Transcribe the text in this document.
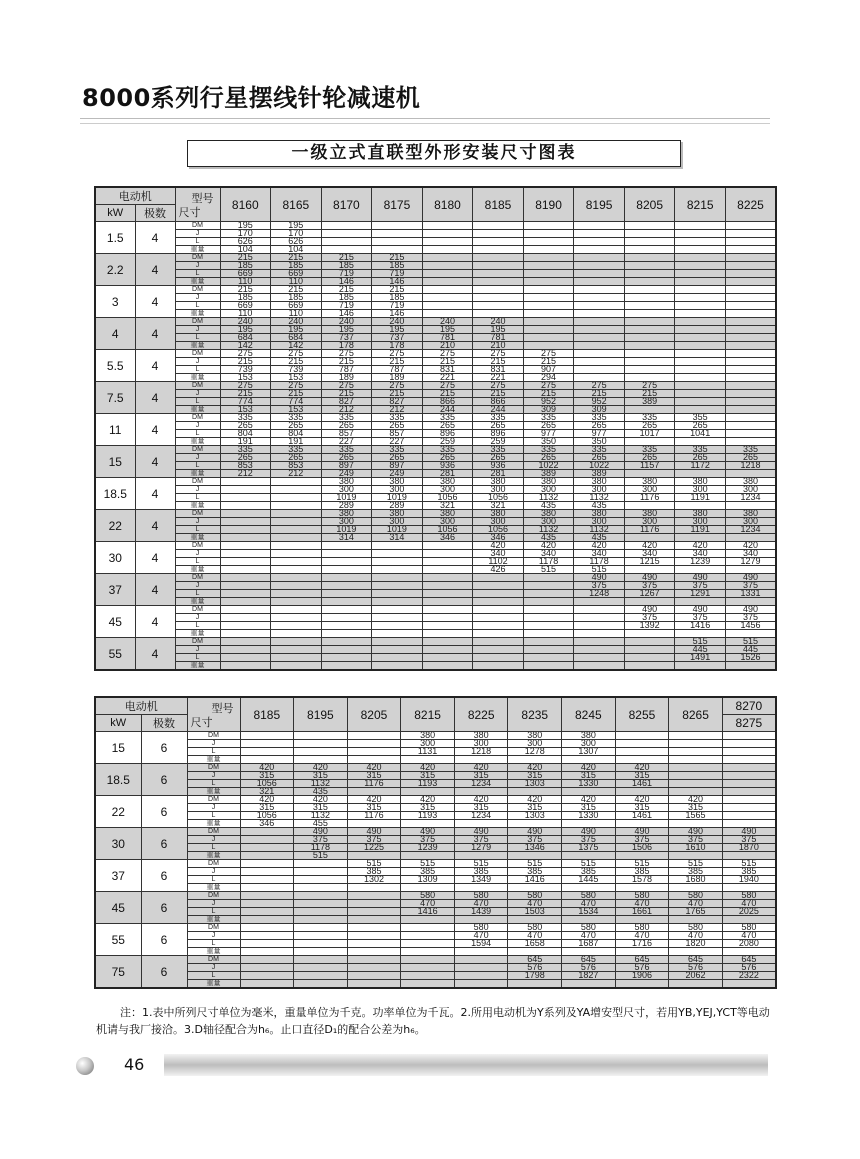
8000系列行星摆线针轮减速机
一级立式直联型外形安装尺寸图表
电动机		型号
尺寸	8160	8165	8170	8175	8180	8185	8190	8195	8205	8215	8225
kW	极数												
1.5	4	DM	195	195									
		J	170	170									
		L	626	626									
		重量	104	104									
2.2	4	DM	215	215	215	215							
		J	185	185	185	185							
		L	669	669	719	719							
		重量	110	110	146	146							
3	4	DM	215	215	215	215							
		J	185	185	185	185							
		L	669	669	719	719							
		重量	110	110	146	146							
4	4	DM	240	240	240	240	240	240					
		J	195	195	195	195	195	195					
		L	684	684	737	737	781	781					
		重量	142	142	178	178	210	210					
5.5	4	DM	275	275	275	275	275	275	275				
		J	215	215	215	215	215	215	215				
		L	739	739	787	787	831	831	907				
		重量	153	153	189	189	221	221	294				
7.5	4	DM	275	275	275	275	275	275	275	275	275		
		J	215	215	215	215	215	215	215	215	215		
		L	774	774	827	827	866	866	952	952	389		
		重量	153	153	212	212	244	244	309	309			
11	4	DM	335	335	335	335	335	335	335	335	335	355	
		J	265	265	265	265	265	265	265	265	265	265	
		L	804	804	857	857	896	896	977	977	1017	1041	
		重量	191	191	227	227	259	259	350	350			
15	4	DM	335	335	335	335	335	335	335	335	335	335	335
		J	265	265	265	265	265	265	265	265	265	265	265
		L	853	853	897	897	936	936	1022	1022	1157	1172	1218
		重量	212	212	249	249	281	281	389	389			
18.5	4	DM			380	380	380	380	380	380	380	380	380
		J			300	300	300	300	300	300	300	300	300
		L			1019	1019	1056	1056	1132	1132	1176	1191	1234
		重量			289	289	321	321	435	435			
22	4	DM			380	380	380	380	380	380	380	380	380
		J			300	300	300	300	300	300	300	300	300
		L			1019	1019	1056	1056	1132	1132	1176	1191	1234
		重量			314	314	346	346	435	435			
30	4	DM						420	420	420	420	420	420
		J						340	340	340	340	340	340
		L						1102	1178	1178	1215	1239	1279
		重量						426	515	515			
37	4	DM								490	490	490	490
		J								375	375	375	375
		L								1248	1267	1291	1331
		重量											
45	4	DM									490	490	490
		J									375	375	375
		L									1392	1416	1456
		重量											
55	4	DM										515	515
		J										445	445
		L										1491	1526
		重量											
电动机		型号
尺寸	8185	8195	8205	8215	8225	8235	8245	8255	8265	8270
kW	极数											8275
15	6	DM				380	380	380	380			
		J				300	300	300	300			
		L				1131	1218	1278	1307			
		重量										
18.5	6	DM	420	420	420	420	420	420	420	420		
		J	315	315	315	315	315	315	315	315		
		L	1056	1132	1176	1193	1234	1303	1330	1461		
		重量	321	435								
22	6	DM	420	420	420	420	420	420	420	420	420	
		J	315	315	315	315	315	315	315	315	315	
		L	1056	1132	1176	1193	1234	1303	1330	1461	1565	
		重量	346	455								
30	6	DM		490	490	490	490	490	490	490	490	490
		J		375	375	375	375	375	375	375	375	375
		L		1178	1225	1239	1279	1346	1375	1506	1610	1870
		重量		515								
37	6	DM			515	515	515	515	515	515	515	515
		J			385	385	385	385	385	385	385	385
		L			1302	1309	1349	1416	1445	1578	1680	1940
		重量										
45	6	DM				580	580	580	580	580	580	580
		J				470	470	470	470	470	470	470
		L				1416	1439	1503	1534	1661	1765	2025
		重量										
55	6	DM					580	580	580	580	580	580
		J					470	470	470	470	470	470
		L					1594	1658	1687	1716	1820	2080
		重量										
75	6	DM						645	645	645	645	645
		J						576	576	576	576	576
		L						1798	1827	1906	2062	2322
		重量										
注：1.表中所列尺寸单位为毫米，重量单位为千克。功率单位为千瓦。2.所用电动机为Y系列及YA增安型尺寸，若用YB,YEJ,YCT等电动机请与我厂接洽。3.D轴径配合为h₆。止口直径D₁的配合公差为h₆。
46
